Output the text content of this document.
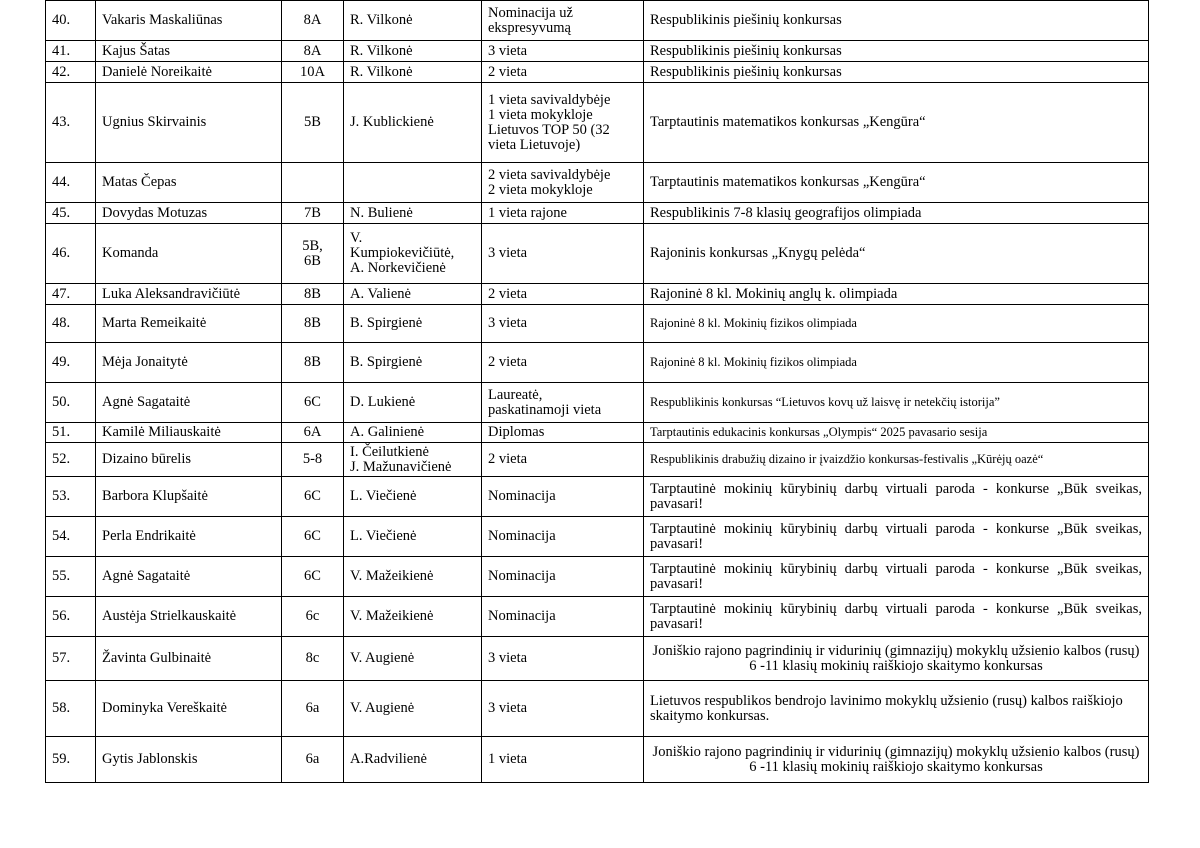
40.	Vakaris Maskaliūnas	8A	R. Vilkonė	Nominacija už
ekspresyvumą	Respublikinis piešinių konkursas
41.	Kajus Šatas	8A	R. Vilkonė	3 vieta	Respublikinis piešinių konkursas
42.	Danielė Noreikaitė	10A	R. Vilkonė	2 vieta	Respublikinis piešinių konkursas
43.	Ugnius Skirvainis	5B	J. Kublickienė	1 vieta savivaldybėje
1 vieta mokykloje
Lietuvos TOP 50 (32
vieta Lietuvoje)	Tarptautinis matematikos konkursas „Kengūra“
44.	Matas Čepas			2 vieta savivaldybėje
2 vieta mokykloje	Tarptautinis matematikos konkursas „Kengūra“
45.	Dovydas Motuzas	7B	N. Bulienė	1 vieta rajone	Respublikinis 7-8 klasių geografijos olimpiada
46.	Komanda	5B,
6B	V.
Kumpiokevičiūtė,
A. Norkevičienė	3 vieta	Rajoninis konkursas „Knygų pelėda“
47.	Luka Aleksandravičiūtė	8B	A. Valienė	2 vieta	Rajoninė 8 kl. Mokinių anglų k. olimpiada
48.	Marta Remeikaitė	8B	B. Spirgienė	3 vieta	Rajoninė 8 kl. Mokinių fizikos olimpiada
49.	Mėja Jonaitytė	8B	B. Spirgienė	2 vieta	Rajoninė 8 kl. Mokinių fizikos olimpiada
50.	Agnė Sagataitė	6C	D. Lukienė	Laureatė,
paskatinamoji vieta	Respublikinis konkursas “Lietuvos kovų už laisvę ir netekčių istorija”
51.	Kamilė Miliauskaitė	6A	A. Galinienė	Diplomas	Tarptautinis edukacinis konkursas „Olympis“ 2025 pavasario sesija
52.	Dizaino būrelis	5-8	I. Čeilutkienė
J. Mažunavičienė	2 vieta	Respublikinis drabužių dizaino ir įvaizdžio konkursas-festivalis „Kūrėjų oazė“
53.	Barbora Klupšaitė	6C	L. Viečienė	Nominacija	Tarptautinė mokinių kūrybinių darbų virtuali paroda - konkurse „Būk sveikas, pavasari!
54.	Perla Endrikaitė	6C	L. Viečienė	Nominacija	Tarptautinė mokinių kūrybinių darbų virtuali paroda - konkurse „Būk sveikas, pavasari!
55.	Agnė Sagataitė	6C	V. Mažeikienė	Nominacija	Tarptautinė mokinių kūrybinių darbų virtuali paroda - konkurse „Būk sveikas, pavasari!
56.	Austėja Strielkauskaitė	6c	V. Mažeikienė	Nominacija	Tarptautinė mokinių kūrybinių darbų virtuali paroda - konkurse „Būk sveikas, pavasari!
57.	Žavinta Gulbinaitė	8c	V. Augienė	3 vieta	Joniškio rajono pagrindinių ir vidurinių (gimnazijų) mokyklų užsienio kalbos (rusų) 6 -11 klasių mokinių raiškiojo skaitymo konkursas
58.	Dominyka Vereškaitė	6a	V. Augienė	3 vieta	Lietuvos respublikos bendrojo lavinimo mokyklų užsienio (rusų) kalbos raiškiojo skaitymo konkursas.
59.	Gytis Jablonskis	6a	A.Radvilienė	1 vieta	Joniškio rajono pagrindinių ir vidurinių (gimnazijų) mokyklų užsienio kalbos (rusų) 6 -11 klasių mokinių raiškiojo skaitymo konkursas
